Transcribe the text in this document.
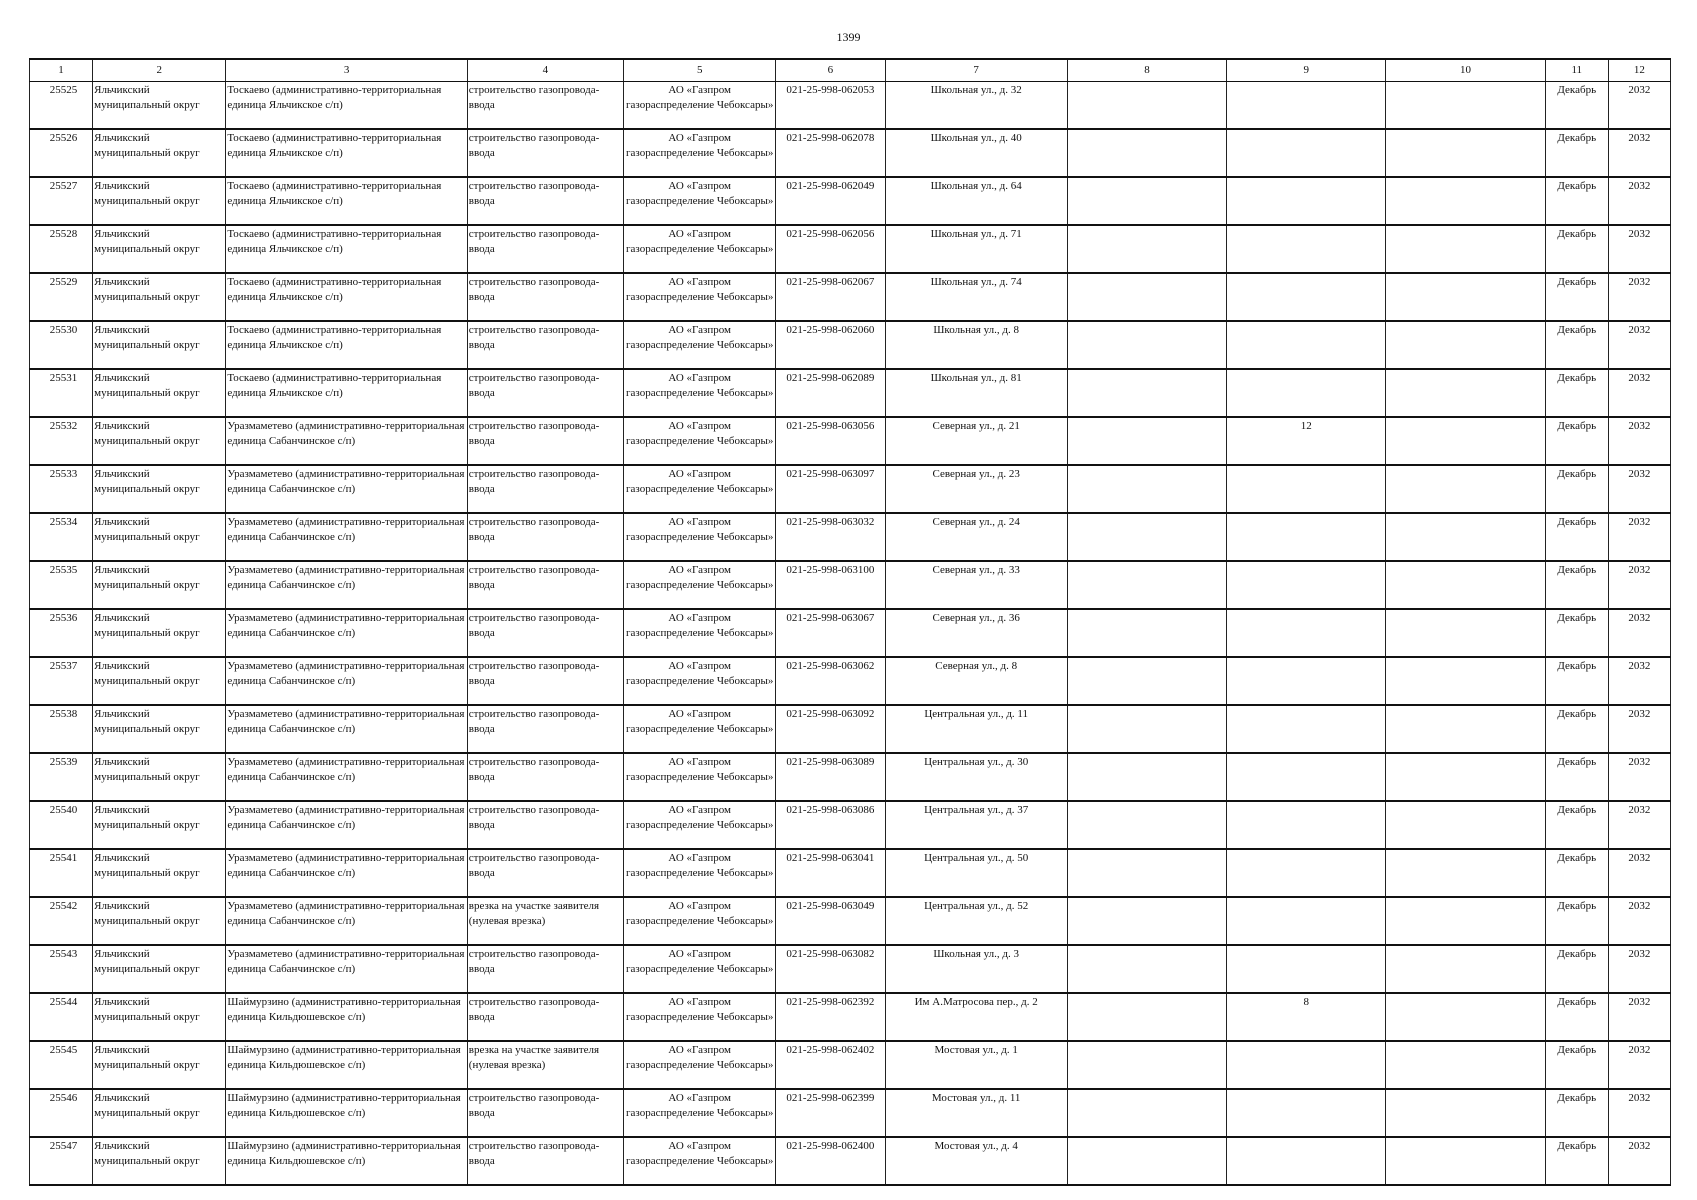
1399
1	2	3	4	5	6	7	8	9	10	11	12
25525	Яльчикский муниципальный округ	Тоскаево (административно-территориальная единица Яльчикское с/п)	строительство газопровода-ввода	АО «Газпром газораспределение Чебоксары»	021-25-998-062053	Школьная ул., д. 32				Декабрь	2032
25526	Яльчикский муниципальный округ	Тоскаево (административно-территориальная единица Яльчикское с/п)	строительство газопровода-ввода	АО «Газпром газораспределение Чебоксары»	021-25-998-062078	Школьная ул., д. 40				Декабрь	2032
25527	Яльчикский муниципальный округ	Тоскаево (административно-территориальная единица Яльчикское с/п)	строительство газопровода-ввода	АО «Газпром газораспределение Чебоксары»	021-25-998-062049	Школьная ул., д. 64				Декабрь	2032
25528	Яльчикский муниципальный округ	Тоскаево (административно-территориальная единица Яльчикское с/п)	строительство газопровода-ввода	АО «Газпром газораспределение Чебоксары»	021-25-998-062056	Школьная ул., д. 71				Декабрь	2032
25529	Яльчикский муниципальный округ	Тоскаево (административно-территориальная единица Яльчикское с/п)	строительство газопровода-ввода	АО «Газпром газораспределение Чебоксары»	021-25-998-062067	Школьная ул., д. 74				Декабрь	2032
25530	Яльчикский муниципальный округ	Тоскаево (административно-территориальная единица Яльчикское с/п)	строительство газопровода-ввода	АО «Газпром газораспределение Чебоксары»	021-25-998-062060	Школьная ул., д. 8				Декабрь	2032
25531	Яльчикский муниципальный округ	Тоскаево (административно-территориальная единица Яльчикское с/п)	строительство газопровода-ввода	АО «Газпром газораспределение Чебоксары»	021-25-998-062089	Школьная ул., д. 81				Декабрь	2032
25532	Яльчикский муниципальный округ	Уразмаметево (административно-территориальная единица Сабанчинское с/п)	строительство газопровода-ввода	АО «Газпром газораспределение Чебоксары»	021-25-998-063056	Северная ул., д. 21		12		Декабрь	2032
25533	Яльчикский муниципальный округ	Уразмаметево (административно-территориальная единица Сабанчинское с/п)	строительство газопровода-ввода	АО «Газпром газораспределение Чебоксары»	021-25-998-063097	Северная ул., д. 23				Декабрь	2032
25534	Яльчикский муниципальный округ	Уразмаметево (административно-территориальная единица Сабанчинское с/п)	строительство газопровода-ввода	АО «Газпром газораспределение Чебоксары»	021-25-998-063032	Северная ул., д. 24				Декабрь	2032
25535	Яльчикский муниципальный округ	Уразмаметево (административно-территориальная единица Сабанчинское с/п)	строительство газопровода-ввода	АО «Газпром газораспределение Чебоксары»	021-25-998-063100	Северная ул., д. 33				Декабрь	2032
25536	Яльчикский муниципальный округ	Уразмаметево (административно-территориальная единица Сабанчинское с/п)	строительство газопровода-ввода	АО «Газпром газораспределение Чебоксары»	021-25-998-063067	Северная ул., д. 36				Декабрь	2032
25537	Яльчикский муниципальный округ	Уразмаметево (административно-территориальная единица Сабанчинское с/п)	строительство газопровода-ввода	АО «Газпром газораспределение Чебоксары»	021-25-998-063062	Северная ул., д. 8				Декабрь	2032
25538	Яльчикский муниципальный округ	Уразмаметево (административно-территориальная единица Сабанчинское с/п)	строительство газопровода-ввода	АО «Газпром газораспределение Чебоксары»	021-25-998-063092	Центральная ул., д. 11				Декабрь	2032
25539	Яльчикский муниципальный округ	Уразмаметево (административно-территориальная единица Сабанчинское с/п)	строительство газопровода-ввода	АО «Газпром газораспределение Чебоксары»	021-25-998-063089	Центральная ул., д. 30				Декабрь	2032
25540	Яльчикский муниципальный округ	Уразмаметево (административно-территориальная единица Сабанчинское с/п)	строительство газопровода-ввода	АО «Газпром газораспределение Чебоксары»	021-25-998-063086	Центральная ул., д. 37				Декабрь	2032
25541	Яльчикский муниципальный округ	Уразмаметево (административно-территориальная единица Сабанчинское с/п)	строительство газопровода-ввода	АО «Газпром газораспределение Чебоксары»	021-25-998-063041	Центральная ул., д. 50				Декабрь	2032
25542	Яльчикский муниципальный округ	Уразмаметево (административно-территориальная единица Сабанчинское с/п)	врезка на участке заявителя (нулевая врезка)	АО «Газпром газораспределение Чебоксары»	021-25-998-063049	Центральная ул., д. 52				Декабрь	2032
25543	Яльчикский муниципальный округ	Уразмаметево (административно-территориальная единица Сабанчинское с/п)	строительство газопровода-ввода	АО «Газпром газораспределение Чебоксары»	021-25-998-063082	Школьная ул., д. 3				Декабрь	2032
25544	Яльчикский муниципальный округ	Шаймурзино (административно-территориальная единица Кильдюшевское с/п)	строительство газопровода-ввода	АО «Газпром газораспределение Чебоксары»	021-25-998-062392	Им А.Матросова пер., д. 2		8		Декабрь	2032
25545	Яльчикский муниципальный округ	Шаймурзино (административно-территориальная единица Кильдюшевское с/п)	врезка на участке заявителя (нулевая врезка)	АО «Газпром газораспределение Чебоксары»	021-25-998-062402	Мостовая ул., д. 1				Декабрь	2032
25546	Яльчикский муниципальный округ	Шаймурзино (административно-территориальная единица Кильдюшевское с/п)	строительство газопровода-ввода	АО «Газпром газораспределение Чебоксары»	021-25-998-062399	Мостовая ул., д. 11				Декабрь	2032
25547	Яльчикский муниципальный округ	Шаймурзино (административно-территориальная единица Кильдюшевское с/п)	строительство газопровода-ввода	АО «Газпром газораспределение Чебоксары»	021-25-998-062400	Мостовая ул., д. 4				Декабрь	2032
